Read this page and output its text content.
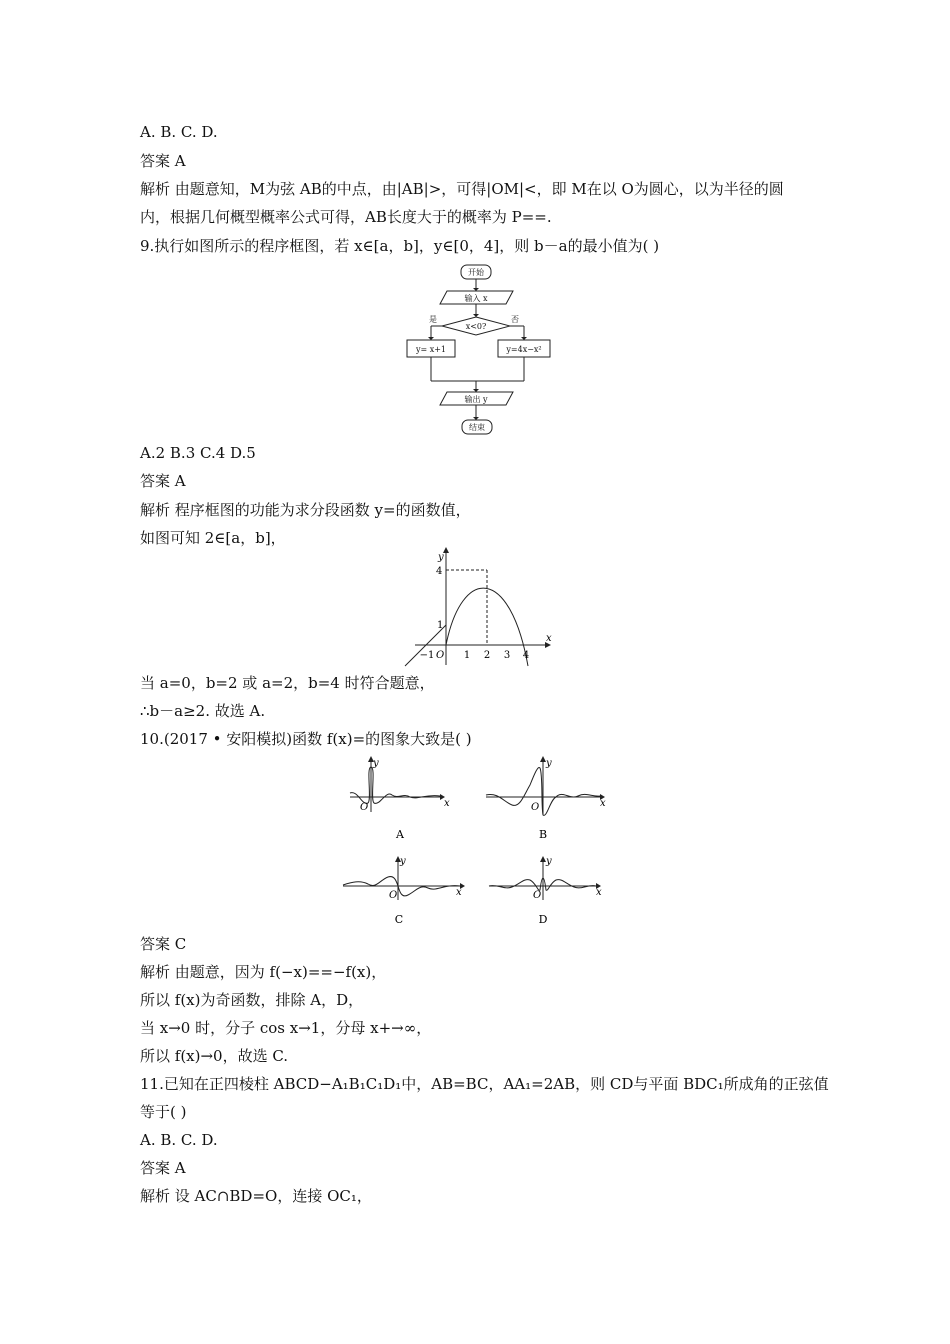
A. B. C. D.
答案 A
解析 由题意知，M为弦 AB的中点，由|AB|>，可得|OM|<，即 M在以 O为圆心，以为半径的圆
内，根据几何概型概率公式可得，AB长度大于的概率为 P==.
9.执行如图所示的程序框图，若 x∈[a，b]，y∈[0，4]，则 b－a的最小值为( )
开始
输入 x
x<0?
是	否
y= x+1	y=4x−x²
输出 y
结束
A.2 B.3 C.4 D.5
答案 A
解析 程序框图的功能为求分段函数 y=的函数值，
如图可知 2∈[a，b]，
y
x
O
4
1
−1	1 2 3 4
当 a=0，b=2 或 a=2，b=4 时符合题意，
∴b－a≥2. 故选 A.
10.(2017 • 安阳模拟)函数 f(x)=的图象大致是( )
x
y
O	x
y
O
x
y
O	x
y
O
A	B
C	D
答案 C
解析 由题意，因为 f(−x)==−f(x)，
所以 f(x)为奇函数，排除 A，D，
当 x→0 时，分子 cos x→1，分母 x+→∞，
所以 f(x)→0，故选 C.
11.已知在正四棱柱 ABCD−A₁B₁C₁D₁中，AB=BC，AA₁=2AB，则 CD与平面 BDC₁所成角的正弦值
等于( )
A. B. C. D.
答案 A
解析 设 AC∩BD=O，连接 OC₁，
